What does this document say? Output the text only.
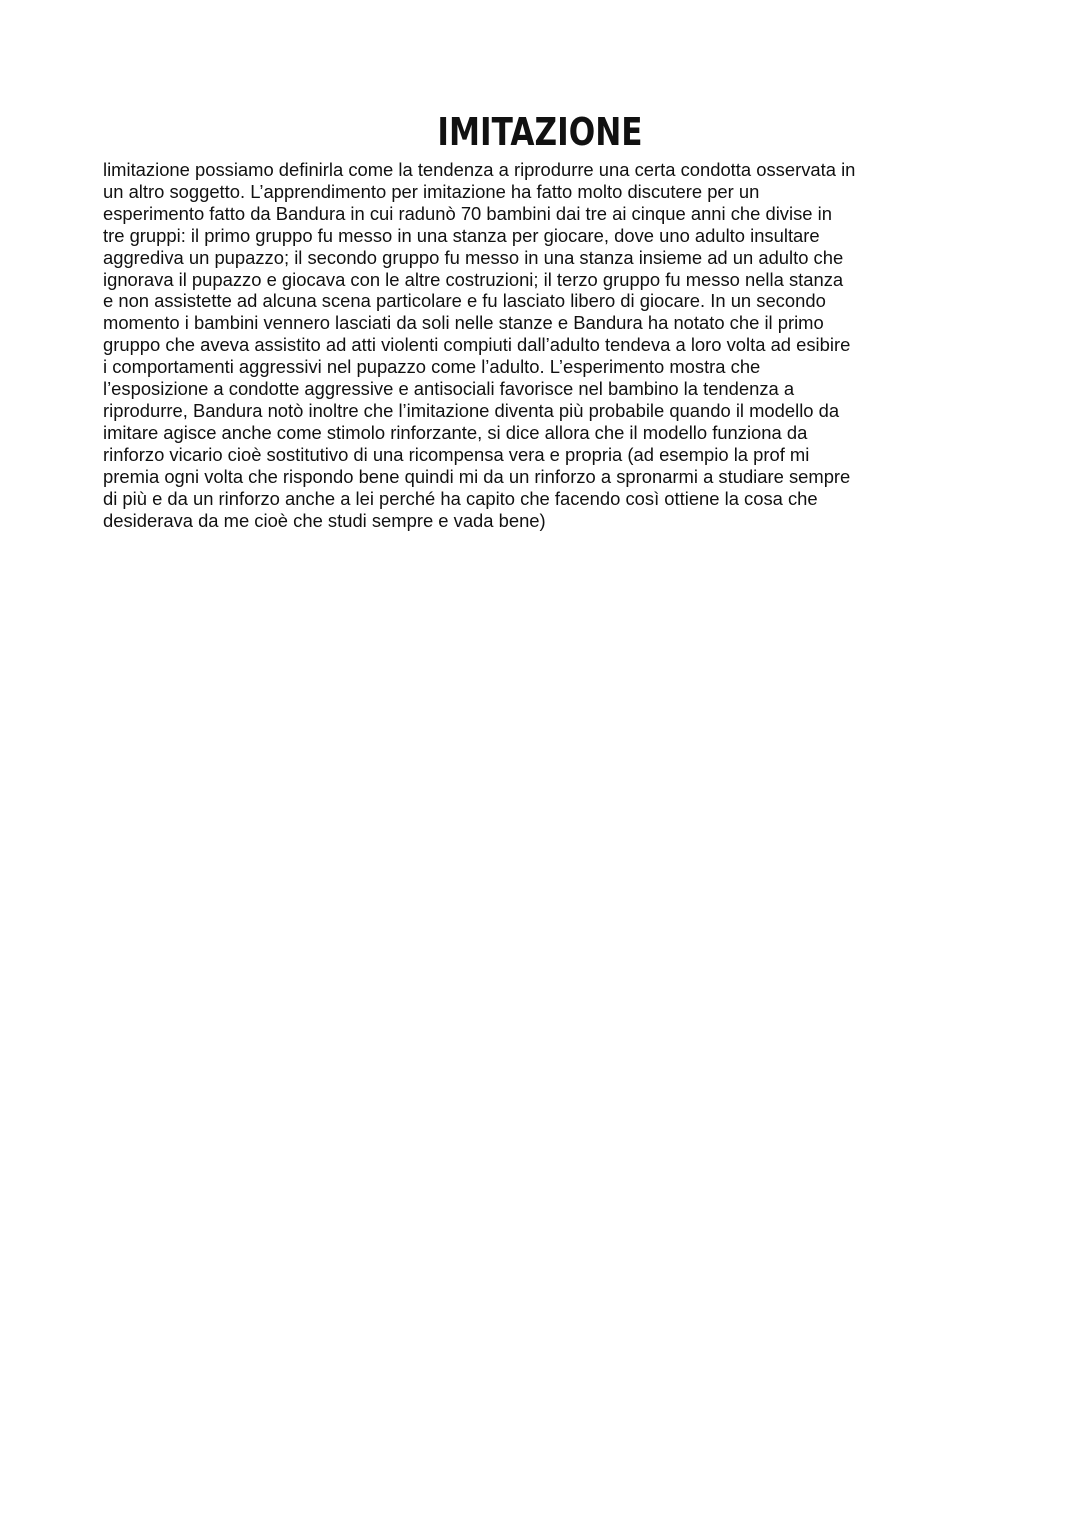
IMITAZIONE
limitazione possiamo definirla come la tendenza a riprodurre una certa condotta osservata in
un altro soggetto. L’apprendimento per imitazione ha fatto molto discutere per un
esperimento fatto da Bandura in cui radunò 70 bambini dai tre ai cinque anni che divise in
tre gruppi: il primo gruppo fu messo in una stanza per giocare, dove uno adulto insultare
aggrediva un pupazzo; il secondo gruppo fu messo in una stanza insieme ad un adulto che
ignorava il pupazzo e giocava con le altre costruzioni; il terzo gruppo fu messo nella stanza
e non assistette ad alcuna scena particolare e fu lasciato libero di giocare. In un secondo
momento i bambini vennero lasciati da soli nelle stanze e Bandura ha notato che il primo
gruppo che aveva assistito ad atti violenti compiuti dall’adulto tendeva a loro volta ad esibire
i comportamenti aggressivi nel pupazzo come l’adulto. L’esperimento mostra che
l’esposizione a condotte aggressive e antisociali favorisce nel bambino la tendenza a
riprodurre, Bandura notò inoltre che l’imitazione diventa più probabile quando il modello da
imitare agisce anche come stimolo rinforzante, si dice allora che il modello funziona da
rinforzo vicario cioè sostitutivo di una ricompensa vera e propria (ad esempio la prof mi
premia ogni volta che rispondo bene quindi mi da un rinforzo a spronarmi a studiare sempre
di più e da un rinforzo anche a lei perché ha capito che facendo così ottiene la cosa che
desiderava da me cioè che studi sempre e vada bene)
